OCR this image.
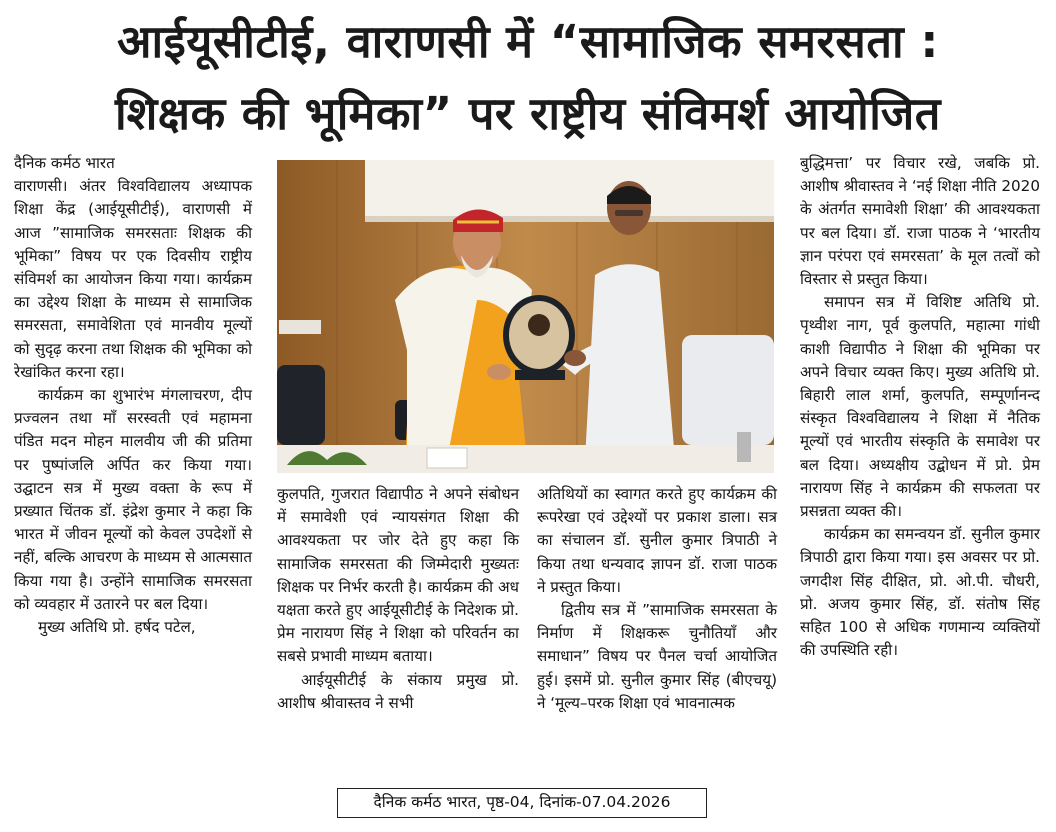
आईयूसीटीई, वाराणसी में “सामाजिक समरसता :
शिक्षक की भूमिका” पर राष्ट्रीय संविमर्श आयोजित

दैनिक कर्मठ भारत

वाराणसी। अंतर विश्वविद्यालय अध्यापक शिक्षा केंद्र (आईयूसीटीई), वाराणसी में आज ”सामाजिक समरसताः शिक्षक की भूमिका” विषय पर एक दिवसीय राष्ट्रीय संविमर्श का आयोजन किया गया। कार्यक्रम का उद्देश्य शिक्षा के माध्यम से सामाजिक समरसता, समावेशिता एवं मानवीय मूल्यों को सुदृढ़ करना तथा शिक्षक की भूमिका को रेखांकित करना रहा।

कार्यक्रम का शुभारंभ मंगलाचरण, दीप प्रज्वलन तथा माँ सरस्वती एवं महामना पंडित मदन मोहन मालवीय जी की प्रतिमा पर पुष्पांजलि अर्पित कर किया गया। उद्घाटन सत्र में मुख्य वक्ता के रूप में प्रख्यात चिंतक डॉ. इंद्रेश कुमार ने कहा कि भारत में जीवन मूल्यों को केवल उपदेशों से नहीं, बल्कि आचरण के माध्यम से आत्मसात किया गया है। उन्होंने सामाजिक समरसता को व्यवहार में उतारने पर बल दिया।

मुख्य अतिथि प्रो. हर्षद पटेल,

कुलपति, गुजरात विद्यापीठ ने अपने संबोधन में समावेशी एवं न्यायसंगत शिक्षा की आवश्यकता पर जोर देते हुए कहा कि सामाजिक समरसता की जिम्मेदारी मुख्यतः शिक्षक पर निर्भर करती है। कार्यक्रम की अध यक्षता करते हुए आईयूसीटीई के निदेशक प्रो. प्रेम नारायण सिंह ने शिक्षा को परिवर्तन का सबसे प्रभावी माध्यम बताया।

आईयूसीटीई के संकाय प्रमुख प्रो. आशीष श्रीवास्तव ने सभी

अतिथियों का स्वागत करते हुए कार्यक्रम की रूपरेखा एवं उद्देश्यों पर प्रकाश डाला। सत्र का संचालन डॉ. सुनील कुमार त्रिपाठी ने किया तथा धन्यवाद ज्ञापन डॉ. राजा पाठक ने प्रस्तुत किया।

द्वितीय सत्र में ”सामाजिक समरसता के निर्माण में शिक्षकरू चुनौतियाँ और समाधान” विषय पर पैनल चर्चा आयोजित हुई। इसमें प्रो. सुनील कुमार सिंह (बीएचयू) ने ‘मूल्य–परक शिक्षा एवं भावनात्मक

बुद्धिमत्ता’ पर विचार रखे, जबकि प्रो. आशीष श्रीवास्तव ने ‘नई शिक्षा नीति 2020 के अंतर्गत समावेशी शिक्षा’ की आवश्यकता पर बल दिया। डॉ. राजा पाठक ने ‘भारतीय ज्ञान परंपरा एवं समरसता’ के मूल तत्वों को विस्तार से प्रस्तुत किया।

समापन सत्र में विशिष्ट अतिथि प्रो. पृथ्वीश नाग, पूर्व कुलपति, महात्मा गांधी काशी विद्यापीठ ने शिक्षा की भूमिका पर अपने विचार व्यक्त किए। मुख्य अतिथि प्रो. बिहारी लाल शर्मा, कुलपति, सम्पूर्णानन्द संस्कृत विश्वविद्यालय ने शिक्षा में नैतिक मूल्यों एवं भारतीय संस्कृति के समावेश पर बल दिया। अध्यक्षीय उद्बोधन में प्रो. प्रेम नारायण सिंह ने कार्यक्रम की सफलता पर प्रसन्नता व्यक्त की।

कार्यक्रम का समन्वयन डॉ. सुनील कुमार त्रिपाठी द्वारा किया गया। इस अवसर पर प्रो. जगदीश सिंह दीक्षित, प्रो. ओ.पी. चौधरी, प्रो. अजय कुमार सिंह, डॉ. संतोष सिंह सहित 100 से अधिक गणमान्य व्यक्तियों की उपस्थिति रही।

दैनिक कर्मठ भारत, पृष्ठ-04, दिनांक-07.04.2026
